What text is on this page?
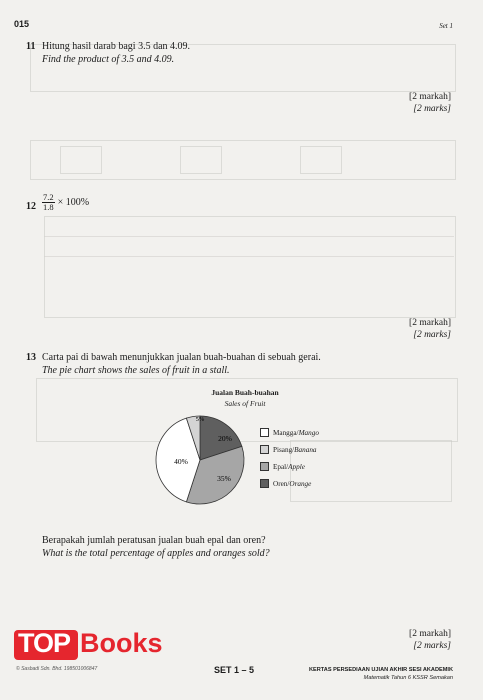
015	Set 1
11 Hitung hasil darab bagi 3.5 dan 4.09.
Find the product of 3.5 and 4.09.
[2 markah]
[2 marks]
$12 \frac{7.2}{1.8} \times 100\%$
[2 markah]
[2 marks]
13 Carta pai di bawah menunjukkan jualan buah-buahan di sebuah gerai.
The pie chart shows the sales of fruit in a stall.
Jualan Buah-buahan
Sales of Fruit
20%
35%
40%
5%
Mangga/ Mango
Pisang/ Banana
Epal/ Apple
Oren/ Orange
Berapakah jumlah peratusan jualan buah epal dan oren?
What is the total percentage of apples and oranges sold?
[2 markah]
[2 marks]
TOP Books
© Sasbadi Sdn. Bhd. 198501006847	SET 1 – 5	KERTAS PERSEDIAAN UJIAN AKHIR SESI AKADEMIK
Matematik Tahun 6 KSSR Semakan
